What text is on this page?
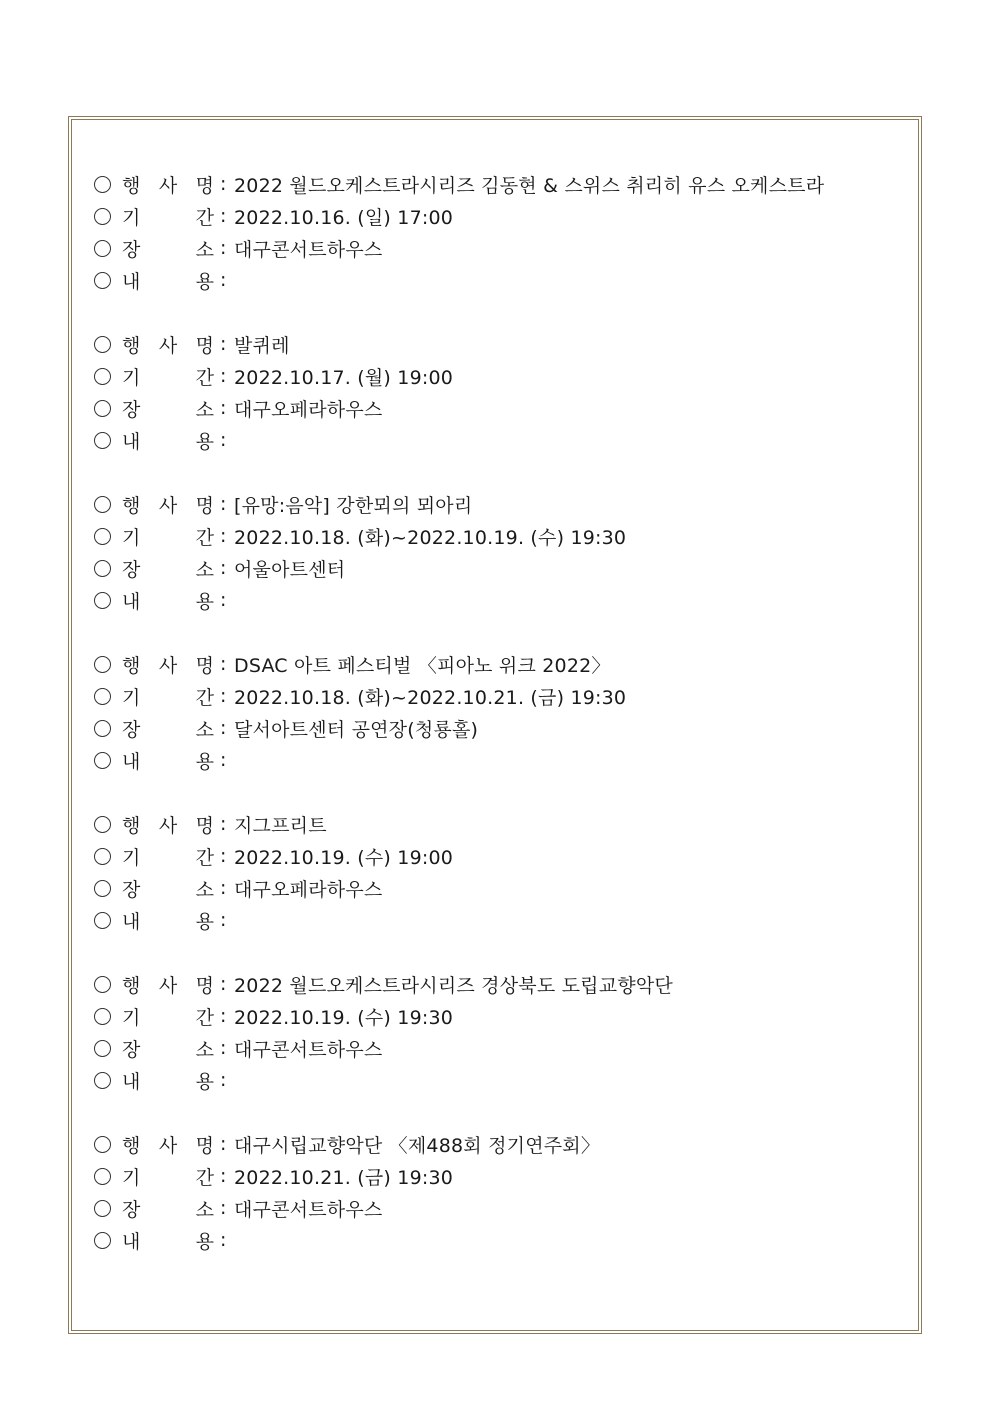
행 사 명 : 2022 월드오케스트라시리즈 김동현 & 스위스 취리히 유스 오케스트라
기	간 : 2022.10.16. (일) 17:00
장	소 : 대구콘서트하우스
내	용 :
행 사 명 : 발퀴레
기	간 : 2022.10.17. (월) 19:00
장	소 : 대구오페라하우스
내	용 :
행 사 명 : [유망:음악] 강한뫼의 뫼아리
기	간 : 2022.10.18. (화)~2022.10.19. (수) 19:30
장	소 : 어울아트센터
내	용 :
행 사 명 : DSAC 아트 페스티벌 〈피아노 위크 2022〉
기	간 : 2022.10.18. (화)~2022.10.21. (금) 19:30
장	소 : 달서아트센터 공연장(청룡홀)
내	용 :
행 사 명 : 지그프리트
기	간 : 2022.10.19. (수) 19:00
장	소 : 대구오페라하우스
내	용 :
행 사 명 : 2022 월드오케스트라시리즈 경상북도 도립교향악단
기	간 : 2022.10.19. (수) 19:30
장	소 : 대구콘서트하우스
내	용 :
행 사 명 : 대구시립교향악단 〈제488회 정기연주회〉
기	간 : 2022.10.21. (금) 19:30
장	소 : 대구콘서트하우스
내	용 :
